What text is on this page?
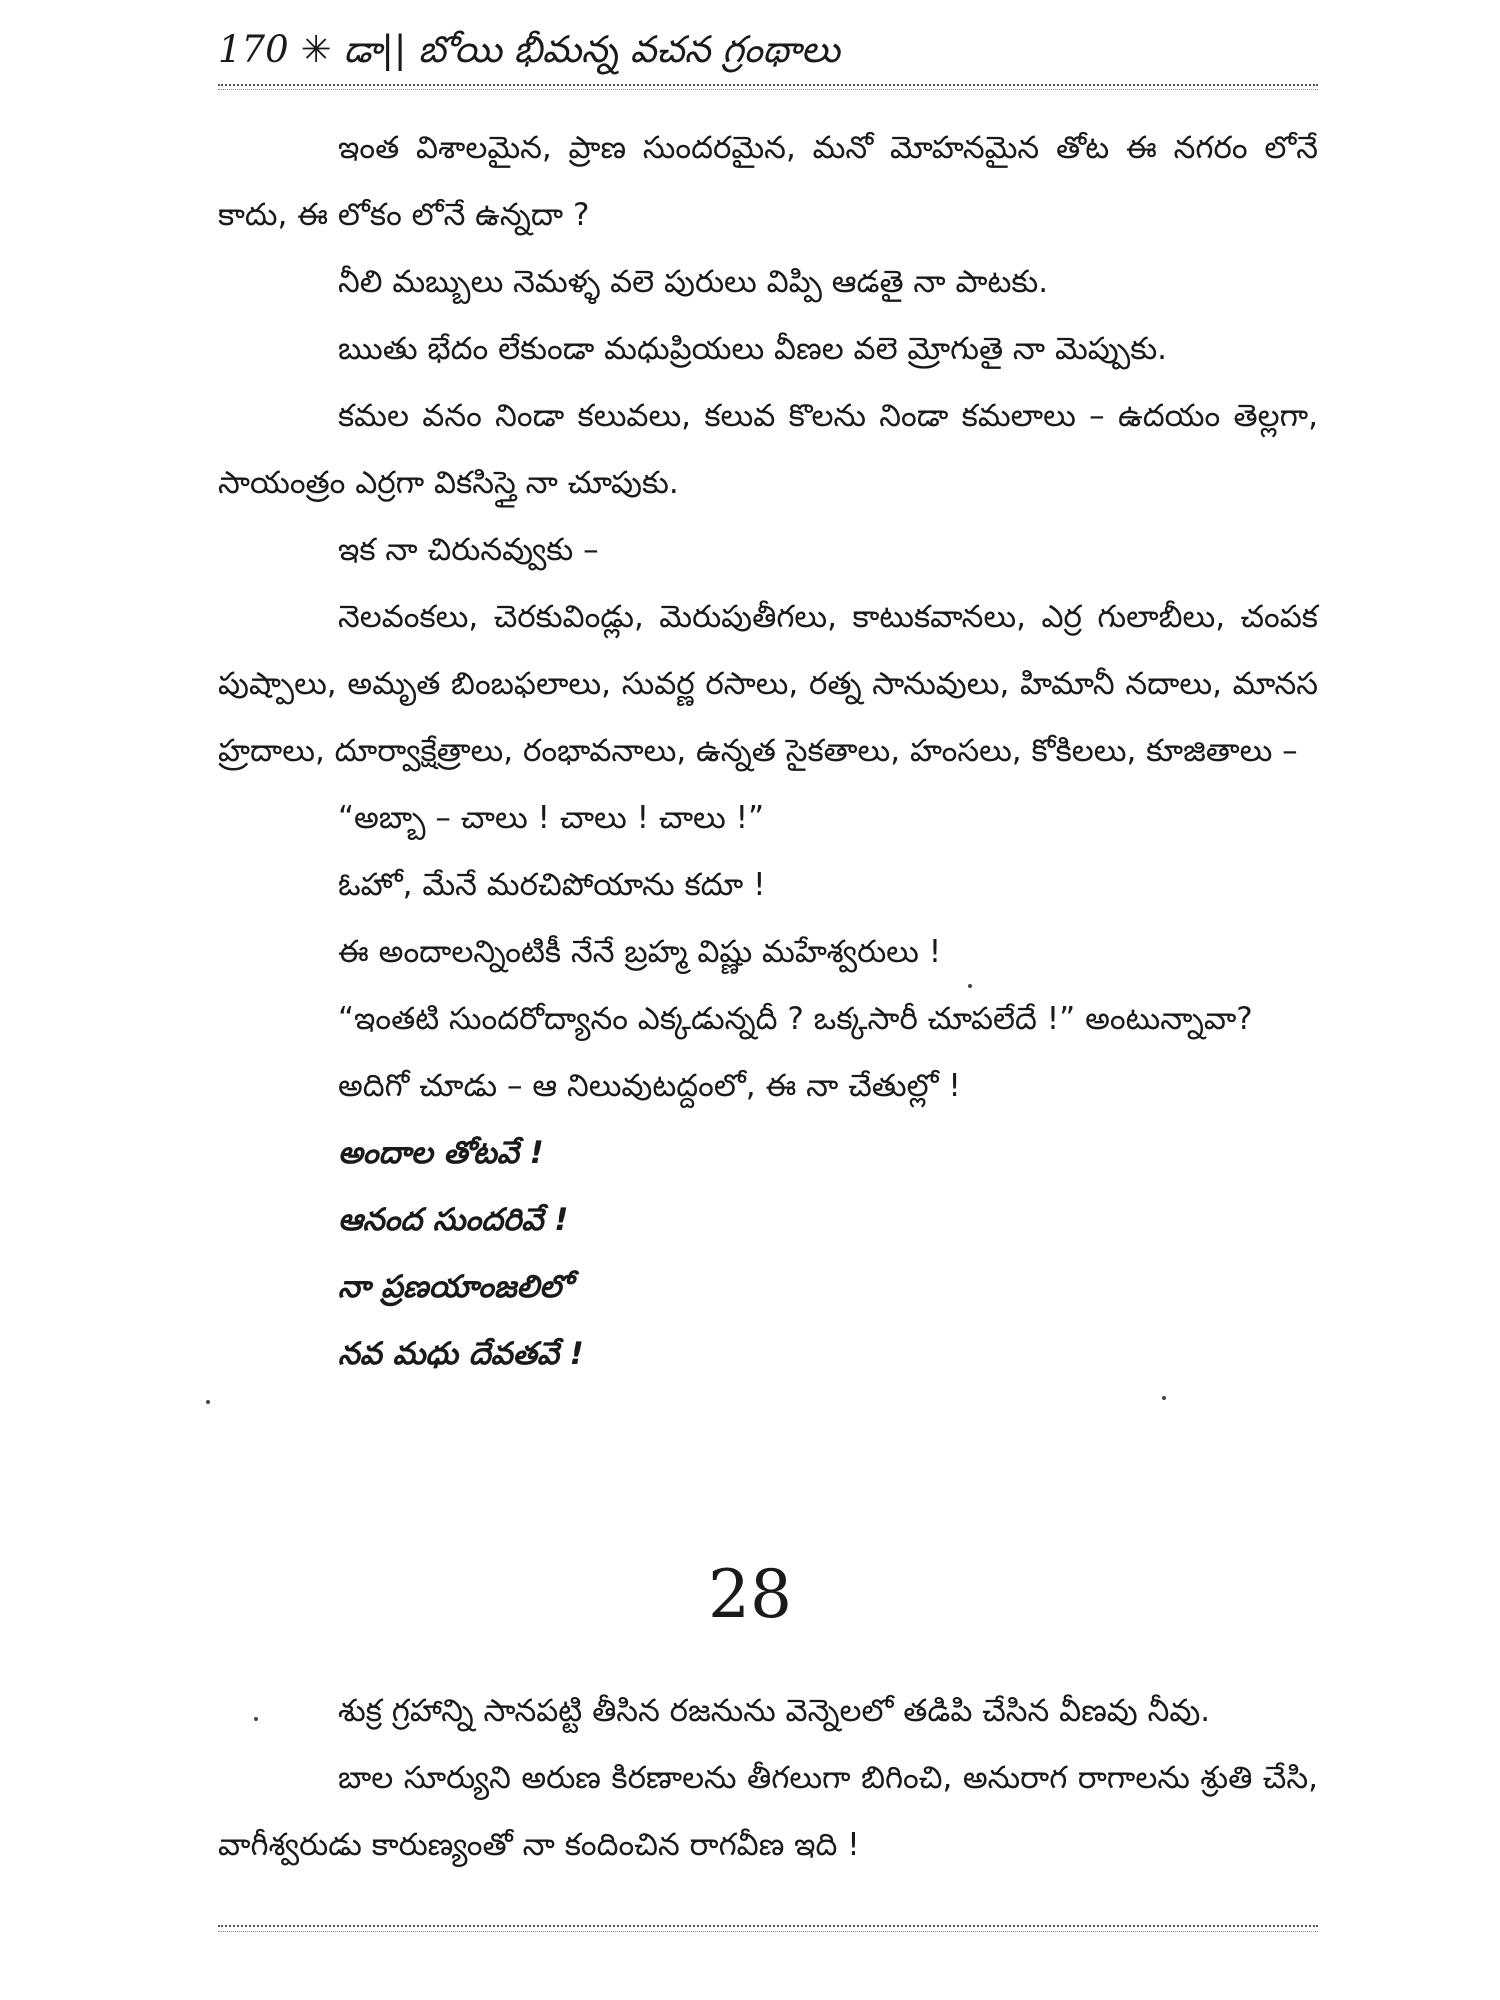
170 ✳ డా|| బోయి భీమన్న వచన గ్రంథాలు

ఇంత విశాలమైన, ప్రాణ సుందరమైన, మనో మోహనమైన తోట ఈ నగరం లోనే కాదు, ఈ లోకం లోనే ఉన్నదా ?

నీలి మబ్బులు నెమళ్ళ వలె పురులు విప్పి ఆడతై నా పాటకు.

ఋతు భేదం లేకుండా మధుప్రియలు వీణల వలె మ్రోగుతై నా మెప్పుకు.

కమల వనం నిండా కలువలు, కలువ కొలను నిండా కమలాలు – ఉదయం తెల్లగా, సాయంత్రం ఎర్రగా వికసిస్తై నా చూపుకు.

ఇక నా చిరునవ్వుకు –

నెలవంకలు, చెరకువిండ్లు, మెరుపుతీగలు, కాటుకవానలు, ఎర్ర గులాబీలు, చంపక పుష్పాలు, అమృత బింబఫలాలు, సువర్ణ రసాలు, రత్న సానువులు, హిమానీ నదాలు, మానస హ్రదాలు, దూర్వాక్షేత్రాలు, రంభావనాలు, ఉన్నత సైకతాలు, హంసలు, కోకిలలు, కూజితాలు –

“అబ్బా – చాలు ! చాలు ! చాలు !”

ఓహో, మేనే మరచిపోయాను కదూ !

ఈ అందాలన్నింటికీ నేనే బ్రహ్మ విష్ణు మహేశ్వరులు !

“ఇంతటి సుందరోద్యానం ఎక్కడున్నదీ ? ఒక్కసారీ చూపలేదే !” అంటున్నావా?

అదిగో చూడు – ఆ నిలువుటద్దంలో, ఈ నా చేతుల్లో !

అందాల తోటవే !

ఆనంద సుందరివే !

నా ప్రణయాంజలిలో

నవ మధు దేవతవే !

28

శుక్ర గ్రహాన్ని సానపట్టి తీసిన రజనును వెన్నెలలో తడిపి చేసిన వీణవు నీవు.

బాల సూర్యుని అరుణ కిరణాలను తీగలుగా బిగించి, అనురాగ రాగాలను శ్రుతి చేసి, వాగీశ్వరుడు కారుణ్యంతో నా కందించిన రాగవీణ ఇది !
